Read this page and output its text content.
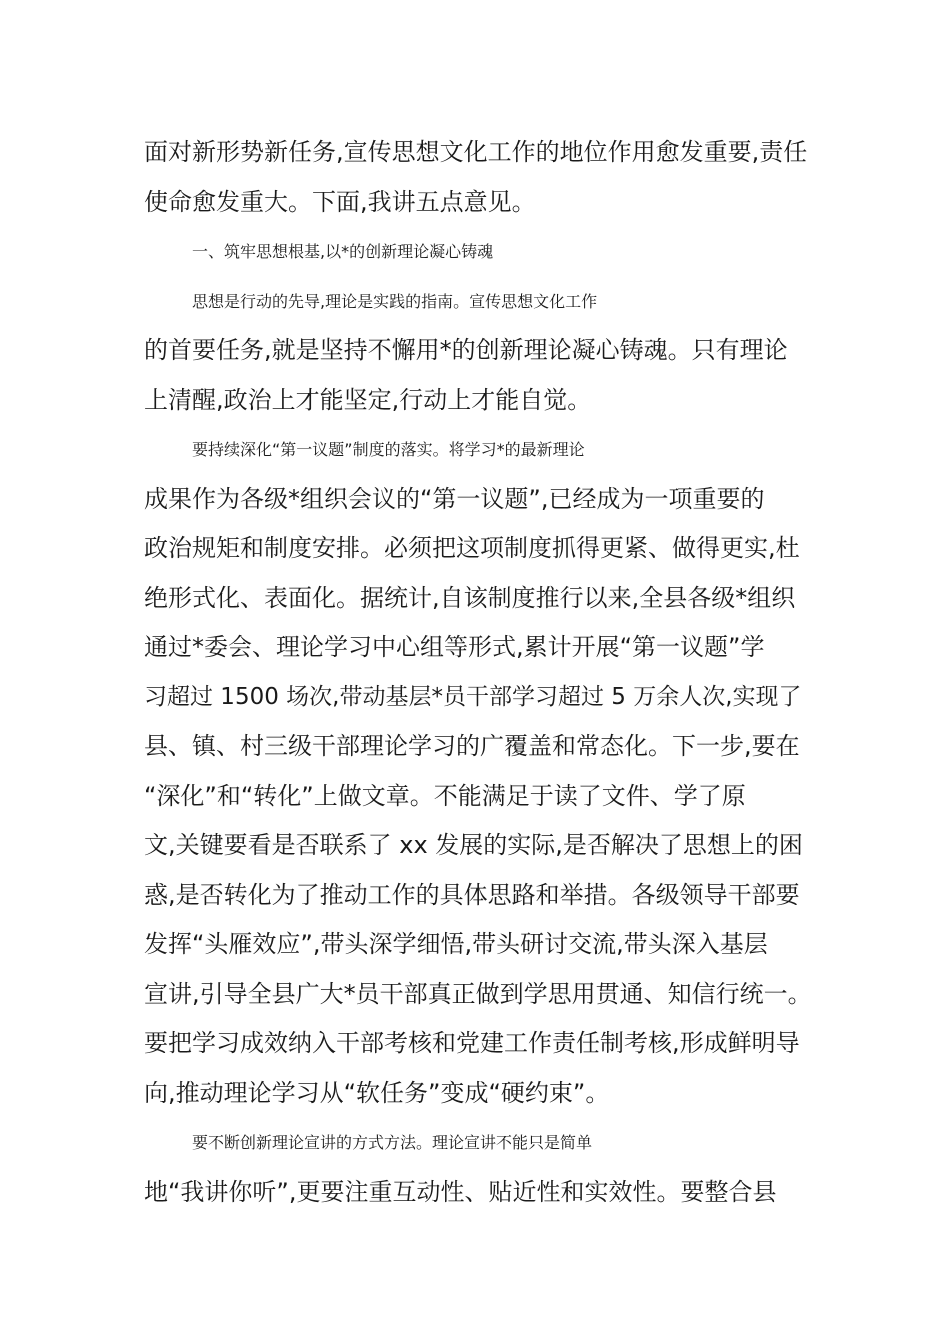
面对新形势新任务,宣传思想文化工作的地位作用愈发重要,责任
使命愈发重大。下面,我讲五点意见。
一、筑牢思想根基,以*的创新理论凝心铸魂
思想是行动的先导,理论是实践的指南。宣传思想文化工作
的首要任务,就是坚持不懈用*的创新理论凝心铸魂。只有理论
上清醒,政治上才能坚定,行动上才能自觉。
要持续深化“第一议题”制度的落实。将学习*的最新理论
成果作为各级*组织会议的“第一议题”,已经成为一项重要的
政治规矩和制度安排。必须把这项制度抓得更紧、做得更实,杜
绝形式化、表面化。据统计,自该制度推行以来,全县各级*组织
通过*委会、理论学习中心组等形式,累计开展“第一议题”学
习超过 1500 场次,带动基层*员干部学习超过 5 万余人次,实现了
县、镇、村三级干部理论学习的广覆盖和常态化。下一步,要在
“深化”和“转化”上做文章。不能满足于读了文件、学了原
文,关键要看是否联系了 xx 发展的实际,是否解决了思想上的困
惑,是否转化为了推动工作的具体思路和举措。各级领导干部要
发挥“头雁效应”,带头深学细悟,带头研讨交流,带头深入基层
宣讲,引导全县广大*员干部真正做到学思用贯通、知信行统一。
要把学习成效纳入干部考核和党建工作责任制考核,形成鲜明导
向,推动理论学习从“软任务”变成“硬约束”。
要不断创新理论宣讲的方式方法。理论宣讲不能只是简单
地“我讲你听”,更要注重互动性、贴近性和实效性。要整合县
